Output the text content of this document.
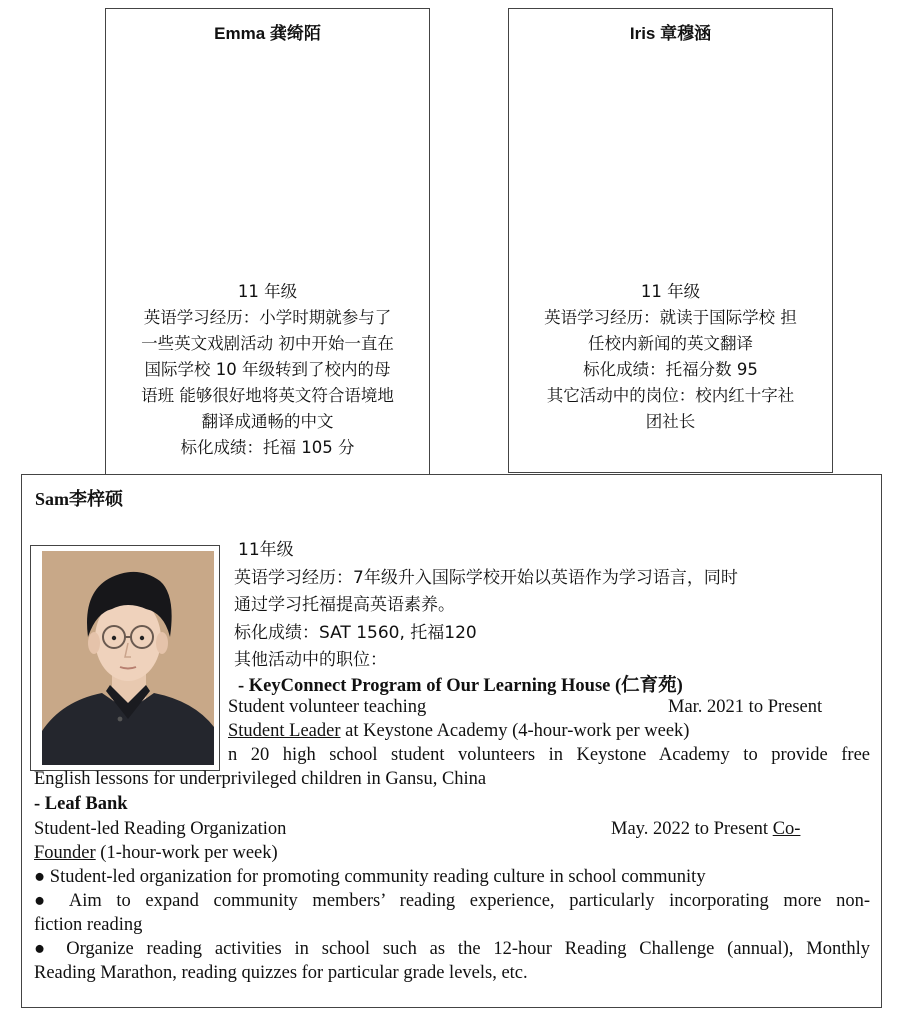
Emma 龚绮陌
11 年级
英语学习经历：小学时期就参与了
一些英文戏剧活动 初中开始一直在
国际学校 10 年级转到了校内的母
语班 能够很好地将英文符合语境地
翻译成通畅的中文
标化成绩：托福 105 分
Iris 章穆涵
11 年级
英语学习经历：就读于国际学校 担
任校内新闻的英文翻译
标化成绩：托福分数 95
其它活动中的岗位：校内红十字社
团社长
Sam李梓硕
11年级
英语学习经历：7年级升入国际学校开始以英语作为学习语言，同时
通过学习托福提高英语素养。
标化成绩：SAT 1560, 托福120
其他活动中的职位：
- KeyConnect Program of Our Learning House (仁育苑)
Student volunteer teaching	Mar. 2021 to Present
Student Leader at Keystone Academy (4-hour-work per week)
n 20 high school student volunteers in Keystone Academy to provide free
English lessons for underprivileged children in Gansu, China
- Leaf Bank
Student-led Reading Organization	May. 2022 to Present Co-
Founder (1-hour-work per week)
● Student-led organization for promoting community reading culture in school community
● Aim to expand community members’ reading experience, particularly incorporating more non-
fiction reading
● Organize reading activities in school such as the 12-hour Reading Challenge (annual), Monthly
Reading Marathon, reading quizzes for particular grade levels, etc.
